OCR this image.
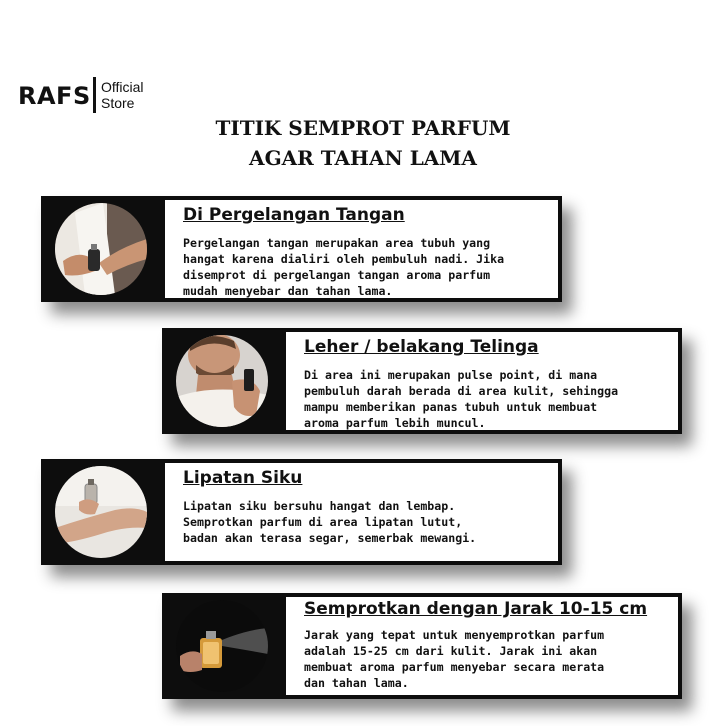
RAFS Official
Store
TITIK SEMPROT PARFUM
AGAR TAHAN LAMA
Di Pergelangan Tangan
Pergelangan tangan merupakan area tubuh yang
hangat karena dialiri oleh pembuluh nadi. Jika
disemprot di pergelangan tangan aroma parfum
mudah menyebar dan tahan lama.
Leher / belakang Telinga
Di area ini merupakan pulse point, di mana
pembuluh darah berada di area kulit, sehingga
mampu memberikan panas tubuh untuk membuat
aroma parfum lebih muncul.
Lipatan Siku
Lipatan siku bersuhu hangat dan lembap.
Semprotkan parfum di area lipatan lutut,
badan akan terasa segar, semerbak mewangi.
Semprotkan dengan Jarak 10-15 cm
Jarak yang tepat untuk menyemprotkan parfum
adalah 15-25 cm dari kulit. Jarak ini akan
membuat aroma parfum menyebar secara merata
dan tahan lama.
